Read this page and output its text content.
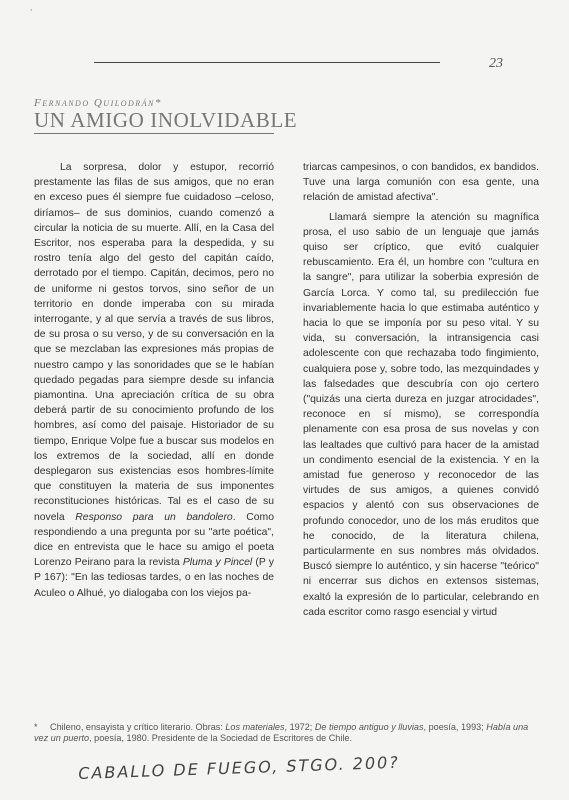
’
23
Fernando Quilodrán*
UN AMIGO INOLVIDABLE

La sorpresa, dolor y estupor, recorrió prestamente las filas de sus amigos, que no eran en exceso pues él siempre fue cuidadoso –celoso, diríamos– de sus dominios, cuando comenzó a circular la noticia de su muerte. Allí, en la Casa del Escritor, nos esperaba para la despedida, y su rostro tenía algo del gesto del capitán caído, derrotado por el tiempo. Capitán, decimos, pero no de uniforme ni gestos torvos, sino señor de un territorio en donde imperaba con su mirada interrogante, y al que servía a través de sus libros, de su prosa o su verso, y de su conversación en la que se mezclaban las expresiones más propias de nuestro campo y las sonoridades que se le habían quedado pegadas para siempre desde su infancia piamontina. Una apreciación crítica de su obra deberá partir de su conocimiento profundo de los hombres, así como del paisaje. Historiador de su tiempo, Enrique Volpe fue a buscar sus modelos en los extremos de la sociedad, allí en donde desplegaron sus existencias esos hombres-límite que constituyen la materia de sus imponentes reconstituciones históricas. Tal es el caso de su novela Responso para un bandolero. Como respondiendo a una pregunta por su "arte poética", dice en entrevista que le hace su amigo el poeta Lorenzo Peirano para la revista Pluma y Pincel (P y P 167): "En las tediosas tardes, o en las noches de Aculeo o Alhué, yo dialogaba con los viejos pa-

triarcas campesinos, o con bandidos, ex bandidos. Tuve una larga comunión con esa gente, una relación de amistad afectiva".

Llamará siempre la atención su magnífica prosa, el uso sabio de un lenguaje que jamás quiso ser críptico, que evitó cualquier rebuscamiento. Era él, un hombre con "cultura en la sangre", para utilizar la soberbia expresión de García Lorca. Y como tal, su predilección fue invariablemente hacia lo que estimaba auténtico y hacia lo que se imponía por su peso vital. Y su vida, su conversación, la intransigencia casi adolescente con que rechazaba todo fingimiento, cualquiera pose y, sobre todo, las mezquindades y las falsedades que descubría con ojo certero ("quizás una cierta dureza en juzgar atrocidades", reconoce en sí mismo), se correspondía plenamente con esa prosa de sus novelas y con las lealtades que cultivó para hacer de la amistad un condimento esencial de la existencia. Y en la amistad fue generoso y reconocedor de las virtudes de sus amigos, a quienes convidó espacios y alentó con sus observaciones de profundo conocedor, uno de los más eruditos que he conocido, de la literatura chilena, particularmente en sus nombres más olvidados. Buscó siempre lo auténtico, y sin hacerse "teórico" ni encerrar sus dichos en extensos sistemas, exaltó la expresión de lo particular, celebrando en cada escritor como rasgo esencial y virtud

* Chileno, ensayista y crítico literario. Obras: Los materiales, 1972; De tiempo antiguo y lluvias, poesía, 1993; Había una vez un puerto, poesía, 1980. Presidente de la Sociedad de Escritores de Chile.
CABALLO DE FUEGO, STGO. 200?
